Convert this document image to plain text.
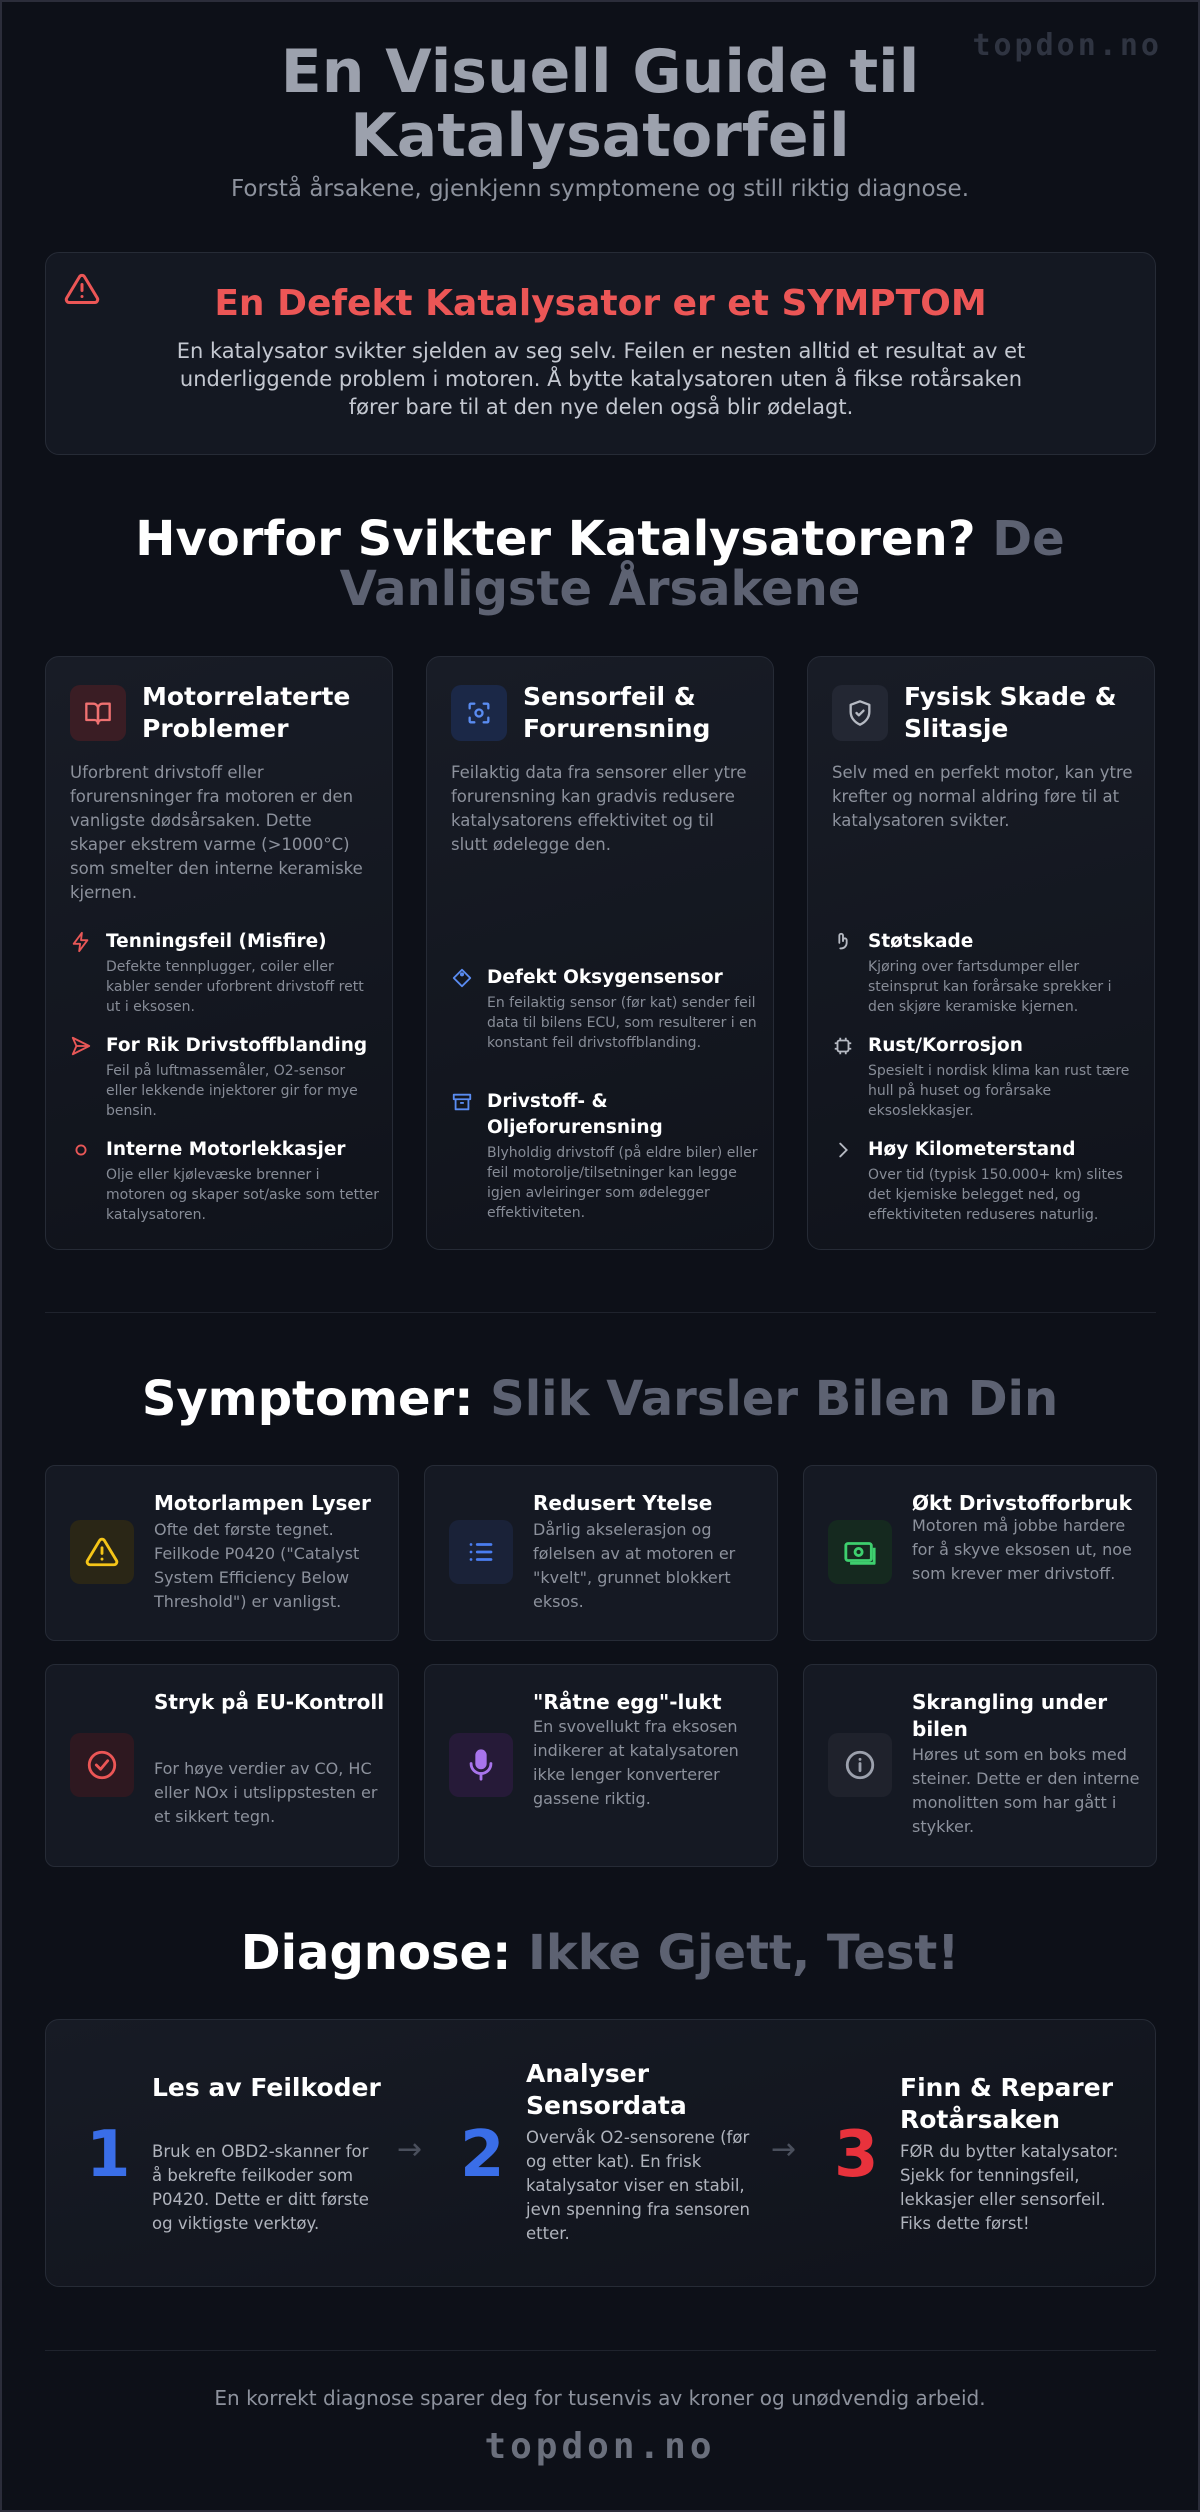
topdon.no
En Visuell Guide til Katalysatorfeil
Forstå årsakene, gjenkjenn symptomene og still riktig diagnose.
En Defekt Katalysator er et SYMPTOM
En katalysator svikter sjelden av seg selv. Feilen er nesten alltid et resultat av et underliggende problem i motoren. Å bytte katalysatoren uten å fikse rotårsaken fører bare til at den nye delen også blir ødelagt.
Hvorfor Svikter Katalysatoren? De Vanligste Årsakene
Motorrelaterte Problemer
Uforbrent drivstoff eller forurensninger fra motoren er den vanligste dødsårsaken. Dette skaper ekstrem varme (>1000°C) som smelter den interne keramiske kjernen.
Tenningsfeil (Misfire)
Defekte tennplugger, coiler eller kabler sender uforbrent drivstoff rett ut i eksosen.
For Rik Drivstoffblanding
Feil på luftmassemåler, O2-sensor eller lekkende injektorer gir for mye bensin.
Interne Motorlekkasjer
Olje eller kjølevæske brenner i motoren og skaper sot/aske som tetter katalysatoren.
Sensorfeil & Forurensning
Feilaktig data fra sensorer eller ytre forurensning kan gradvis redusere katalysatorens effektivitet og til slutt ødelegge den.
Defekt Oksygensensor
En feilaktig sensor (før kat) sender feil data til bilens ECU, som resulterer i en konstant feil drivstoffblanding.
Drivstoff- & Oljeforurensning
Blyholdig drivstoff (på eldre biler) eller feil motorolje/tilsetninger kan legge igjen avleiringer som ødelegger effektiviteten.
Fysisk Skade & Slitasje
Selv med en perfekt motor, kan ytre krefter og normal aldring føre til at katalysatoren svikter.
Støtskade
Kjøring over fartsdumper eller steinsprut kan forårsake sprekker i den skjøre keramiske kjernen.
Rust/Korrosjon
Spesielt i nordisk klima kan rust tære hull på huset og forårsake eksoslekkasjer.
Høy Kilometerstand
Over tid (typisk 150.000+ km) slites det kjemiske belegget ned, og effektiviteten reduseres naturlig.
Symptomer: Slik Varsler Bilen Din
Motorlampen Lyser
Ofte det første tegnet. Feilkode P0420 ("Catalyst System Efficiency Below Threshold") er vanligst.
Redusert Ytelse
Dårlig akselerasjon og følelsen av at motoren er "kvelt", grunnet blokkert eksos.
Økt Drivstofforbruk
Motoren må jobbe hardere for å skyve eksosen ut, noe som krever mer drivstoff.
Stryk på EU-Kontroll
For høye verdier av CO, HC eller NOx i utslippstesten er et sikkert tegn.
"Råtne egg"-lukt
En svovellukt fra eksosen indikerer at katalysatoren ikke lenger konverterer gassene riktig.
Skrangling under bilen
Høres ut som en boks med steiner. Dette er den interne monolitten som har gått i stykker.
Diagnose: Ikke Gjett, Test!
1
Les av Feilkoder
Bruk en OBD2-skanner for å bekrefte feilkoder som P0420. Dette er ditt første og viktigste verktøy.
→ 2
Analyser Sensordata
Overvåk O2-sensorene (før og etter kat). En frisk katalysator viser en stabil, jevn spenning fra sensoren etter.
→ 3
Finn & Reparer Rotårsaken
FØR du bytter katalysator: Sjekk for tenningsfeil, lekkasjer eller sensorfeil. Fiks dette først!
En korrekt diagnose sparer deg for tusenvis av kroner og unødvendig arbeid.
topdon.no
